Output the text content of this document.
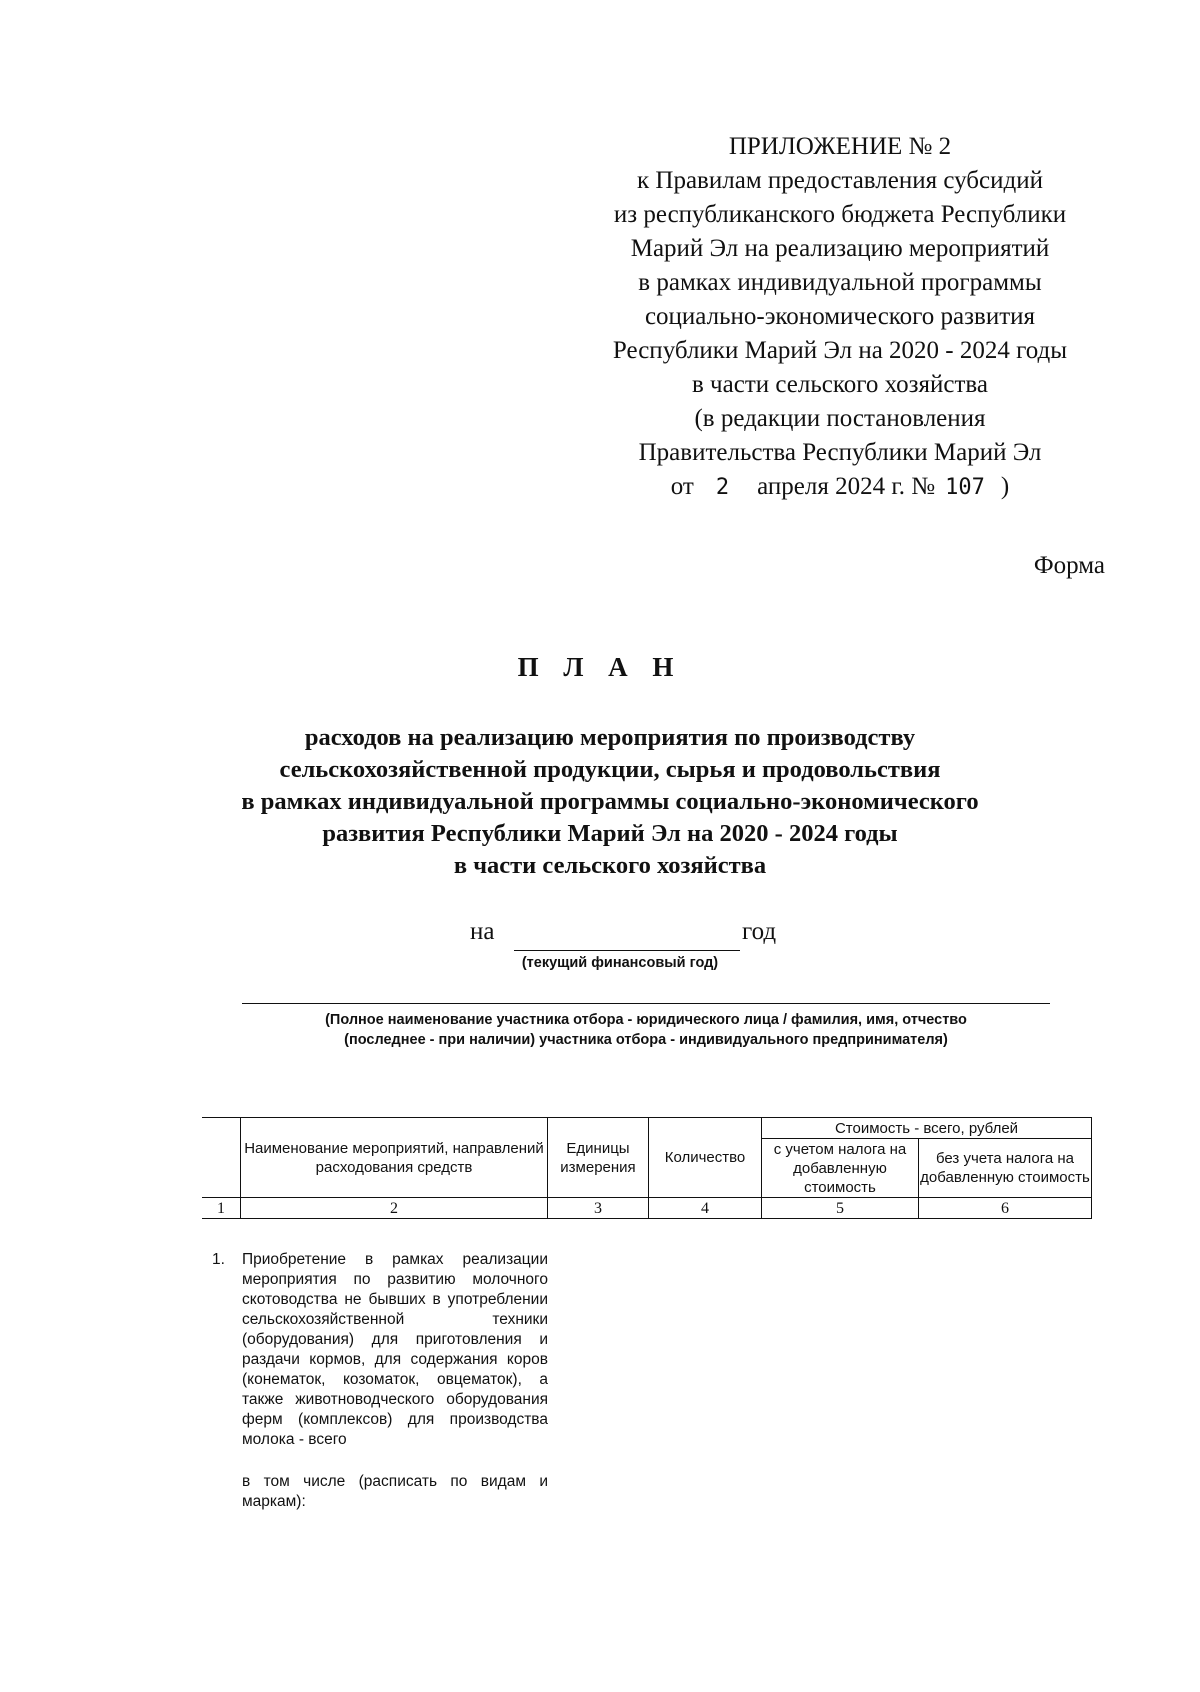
ПРИЛОЖЕНИЕ № 2
к Правилам предоставления субсидий
из республиканского бюджета Республики
Марий Эл на реализацию мероприятий
в рамках индивидуальной программы
социально-экономического развития
Республики Марий Эл на 2020 - 2024 годы
в части сельского хозяйства
(в редакции постановления
Правительства Республики Марий Эл
от 2 апреля 2024 г. № 107 )
Форма
П Л А Н
расходов на реализацию мероприятия по производству
сельскохозяйственной продукции, сырья и продовольствия
в рамках индивидуальной программы социально-экономического
развития Республики Марий Эл на 2020 - 2024 годы
в части сельского хозяйства
на	год
(текущий финансовый год)
(Полное наименование участника отбора - юридического лица / фамилия, имя, отчество
(последнее - при наличии) участника отбора - индивидуального предпринимателя)
	Наименование мероприятий, направлений расходования средств	Единицы измерения	Количество	Стоимость - всего, рублей	
				с учетом налога на добавленную стоимость	без учета налога на добавленную стоимость
1	2	3	4	5	6
1. Приобретение в рамках реализации мероприятия по развитию молочного скотоводства не бывших в употреблении сельскохозяйственной техники (оборудования) для приготовления и раздачи кормов, для содержания коров (конематок, козоматок, овцематок), а также животноводческого оборудования ферм (комплексов) для производства молока - всего

в том числе (расписать по видам и маркам):
